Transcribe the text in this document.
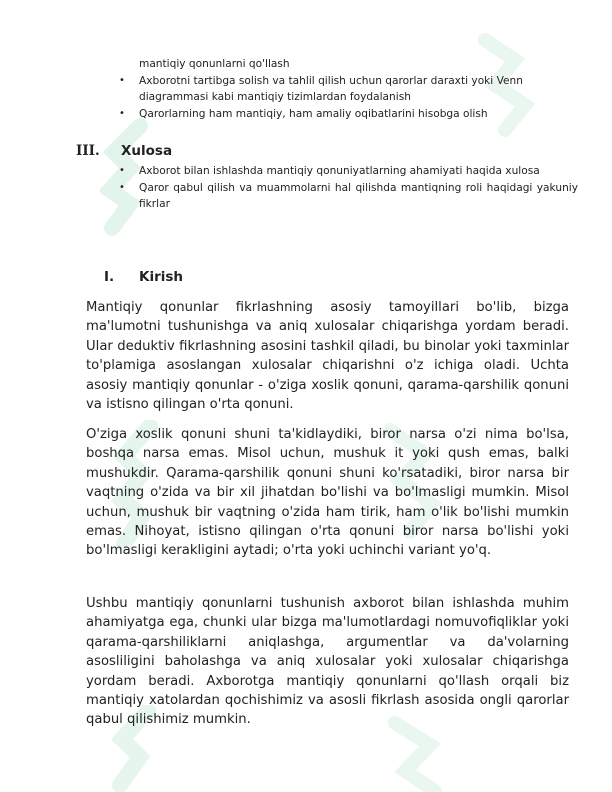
mantiqiy qonunlarni qo'llash
• Axborotni tartibga solish va tahlil qilish uchun qarorlar daraxti yoki Venn diagrammasi kabi mantiqiy tizimlardan foydalanish
• Qarorlarning ham mantiqiy, ham amaliy oqibatlarini hisobga olish
III. Xulosa
• Axborot bilan ishlashda mantiqiy qonuniyatlarning ahamiyati haqida xulosa
• Qaror qabul qilish va muammolarni hal qilishda mantiqning roli haqidagi yakuniy fikrlar
I. Kirish

Mantiqiy qonunlar fikrlashning asosiy tamoyillari bo'lib, bizga ma'lumotni tushunishga va aniq xulosalar chiqarishga yordam beradi. Ular deduktiv fikrlashning asosini tashkil qiladi, bu binolar yoki taxminlar to'plamiga asoslangan xulosalar chiqarishni o'z ichiga oladi. Uchta asosiy mantiqiy qonunlar - o'ziga xoslik qonuni, qarama-qarshilik qonuni va istisno qilingan o'rta qonuni.

O'ziga xoslik qonuni shuni ta'kidlaydiki, biror narsa o'zi nima bo'lsa, boshqa narsa emas. Misol uchun, mushuk it yoki qush emas, balki mushukdir. Qarama-qarshilik qonuni shuni ko'rsatadiki, biror narsa bir vaqtning o'zida va bir xil jihatdan bo'lishi va bo'lmasligi mumkin. Misol uchun, mushuk bir vaqtning o'zida ham tirik, ham o'lik bo'lishi mumkin emas. Nihoyat, istisno qilingan o'rta qonuni biror narsa bo'lishi yoki bo'lmasligi kerakligini aytadi; o'rta yoki uchinchi variant yo'q.

Ushbu mantiqiy qonunlarni tushunish axborot bilan ishlashda muhim ahamiyatga ega, chunki ular bizga ma'lumotlardagi nomuvofiqliklar yoki qarama-qarshiliklarni aniqlashga, argumentlar va da'volarning asosliligini baholashga va aniq xulosalar yoki xulosalar chiqarishga yordam beradi. Axborotga mantiqiy qonunlarni qo'llash orqali biz mantiqiy xatolardan qochishimiz va asosli fikrlash asosida ongli qarorlar qabul qilishimiz mumkin.
